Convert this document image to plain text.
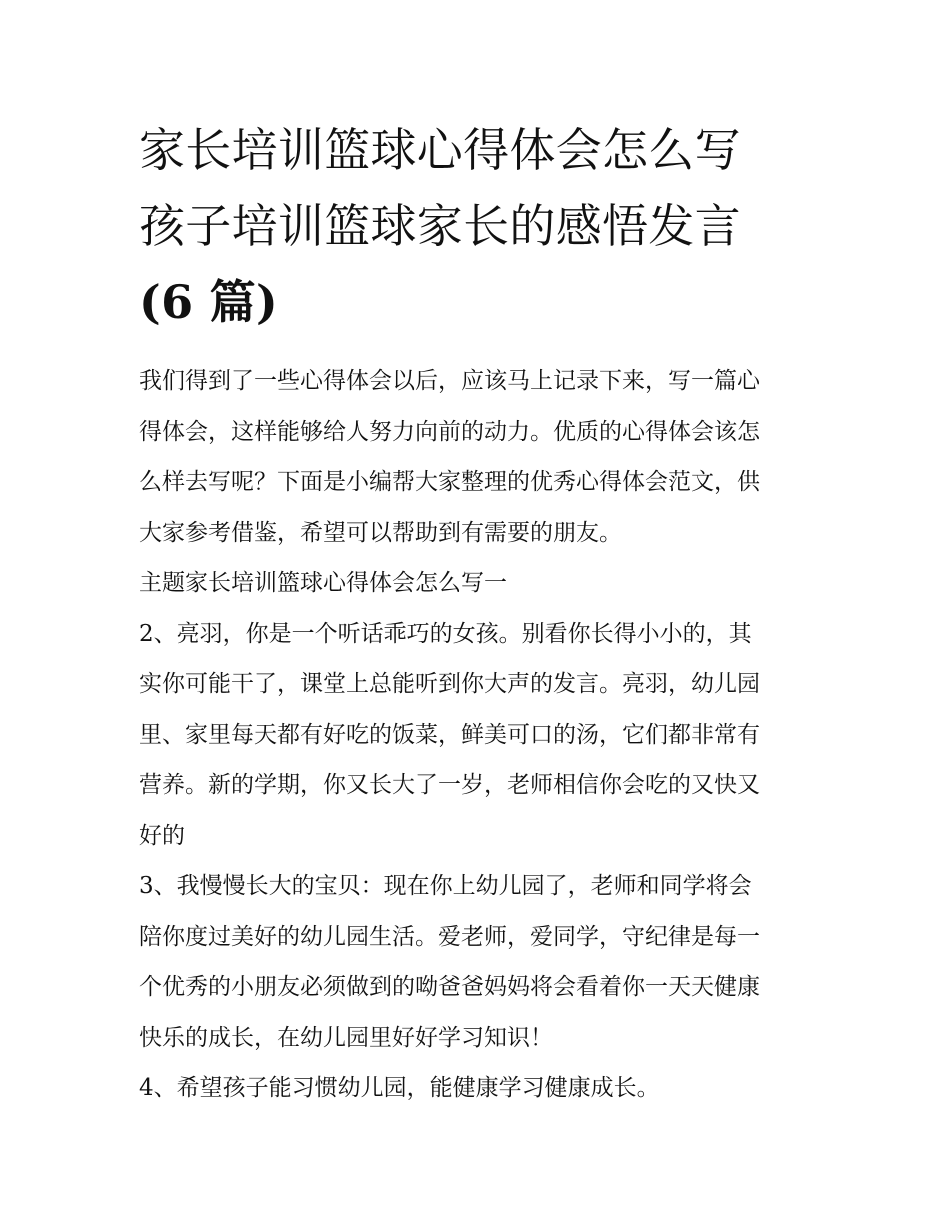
家长培训篮球心得体会怎么写
孩子培训篮球家长的感悟发言
(6 篇)

我们得到了一些心得体会以后，应该马上记录下来，写一篇心
得体会，这样能够给人努力向前的动力。优质的心得体会该怎
么样去写呢？下面是小编帮大家整理的优秀心得体会范文，供
大家参考借鉴，希望可以帮助到有需要的朋友。

主题家长培训篮球心得体会怎么写一

2、亮羽，你是一个听话乖巧的女孩。别看你长得小小的，其
实你可能干了，课堂上总能听到你大声的发言。亮羽，幼儿园
里、家里每天都有好吃的饭菜，鲜美可口的汤，它们都非常有
营养。新的学期，你又长大了一岁，老师相信你会吃的又快又
好的

3、我慢慢长大的宝贝：现在你上幼儿园了，老师和同学将会
陪你度过美好的幼儿园生活。爱老师，爱同学，守纪律是每一
个优秀的小朋友必须做到的呦爸爸妈妈将会看着你一天天健康
快乐的成长，在幼儿园里好好学习知识！

4、希望孩子能习惯幼儿园，能健康学习健康成长。
